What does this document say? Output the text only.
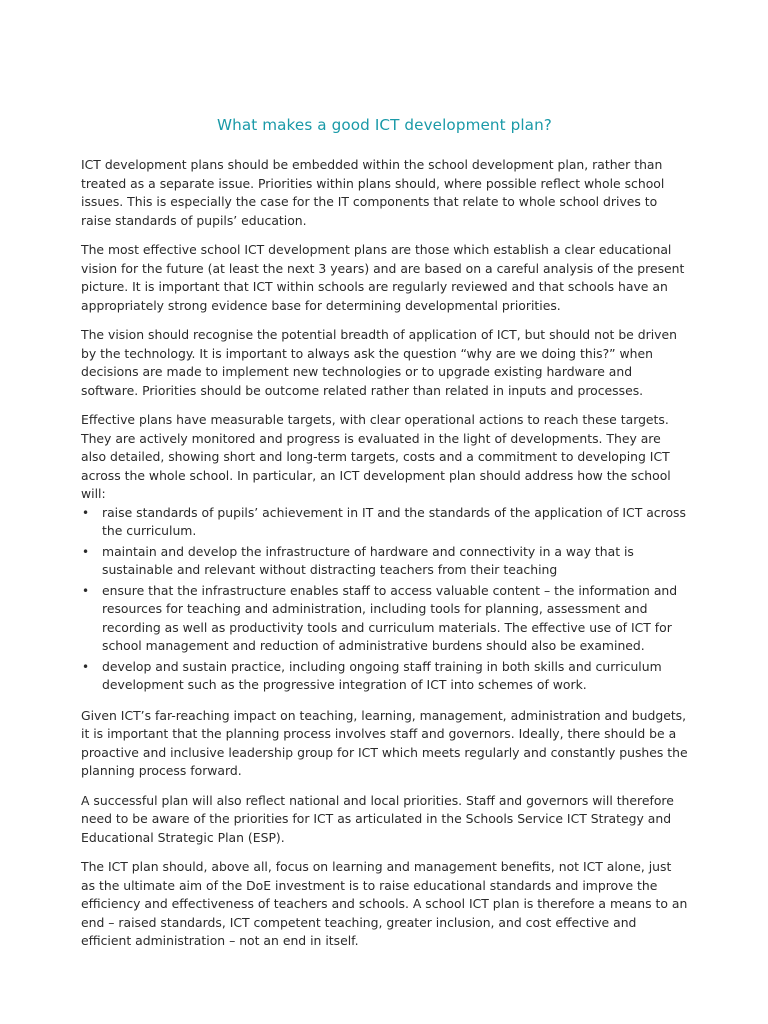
What makes a good ICT development plan?

ICT development plans should be embedded within the school development plan, rather than treated as a separate issue. Priorities within plans should, where possible reflect whole school issues. This is especially the case for the IT components that relate to whole school drives to raise standards of pupils’ education.

The most effective school ICT development plans are those which establish a clear educational vision for the future (at least the next 3 years) and are based on a careful analysis of the present picture. It is important that ICT within schools are regularly reviewed and that schools have an appropriately strong evidence base for determining developmental priorities.

The vision should recognise the potential breadth of application of ICT, but should not be driven by the technology. It is important to always ask the question “why are we doing this?” when decisions are made to implement new technologies or to upgrade existing hardware and software. Priorities should be outcome related rather than related in inputs and processes.

Effective plans have measurable targets, with clear operational actions to reach these targets. They are actively monitored and progress is evaluated in the light of developments. They are also detailed, showing short and long-term targets, costs and a commitment to developing ICT across the whole school. In particular, an ICT development plan should address how the school will:

• raise standards of pupils’ achievement in IT and the standards of the application of ICT across the curriculum.
• maintain and develop the infrastructure of hardware and connectivity in a way that is sustainable and relevant without distracting teachers from their teaching
• ensure that the infrastructure enables staff to access valuable content – the information and resources for teaching and administration, including tools for planning, assessment and recording as well as productivity tools and curriculum materials. The effective use of ICT for school management and reduction of administrative burdens should also be examined.
• develop and sustain practice, including ongoing staff training in both skills and curriculum development such as the progressive integration of ICT into schemes of work.

Given ICT’s far-reaching impact on teaching, learning, management, administration and budgets, it is important that the planning process involves staff and governors. Ideally, there should be a proactive and inclusive leadership group for ICT which meets regularly and constantly pushes the planning process forward.

A successful plan will also reflect national and local priorities. Staff and governors will therefore need to be aware of the priorities for ICT as articulated in the Schools Service ICT Strategy and Educational Strategic Plan (ESP).

The ICT plan should, above all, focus on learning and management benefits, not ICT alone, just as the ultimate aim of the DoE investment is to raise educational standards and improve the efficiency and effectiveness of teachers and schools. A school ICT plan is therefore a means to an end – raised standards, ICT competent teaching, greater inclusion, and cost effective and efficient administration – not an end in itself.
